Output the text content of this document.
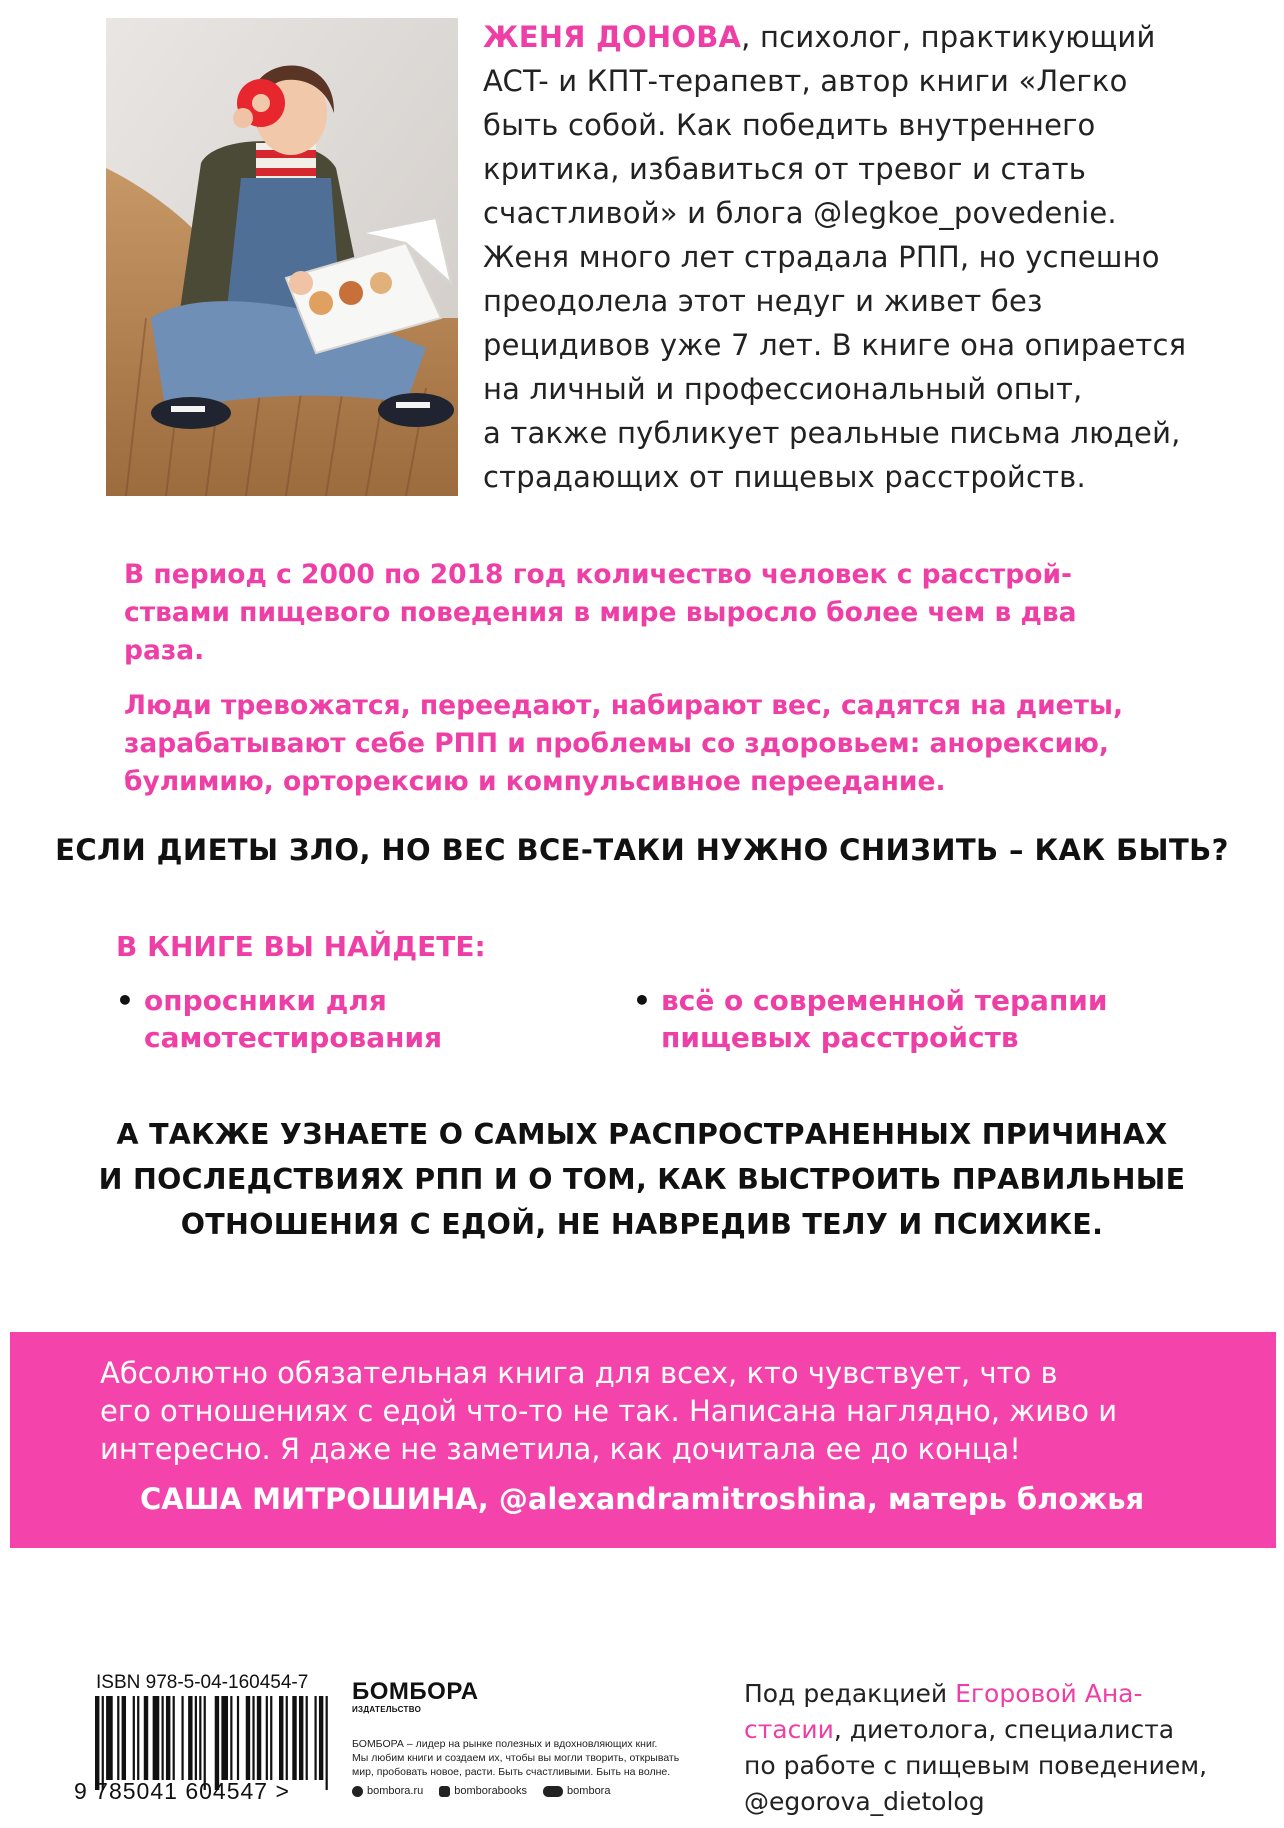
ЖЕНЯ ДОНОВА, психолог, практикующий
ACT- и КПТ-терапевт, автор книги «Легко
быть собой. Как победить внутреннего
критика, избавиться от тревог и стать
счастливой» и блога @legkoe_povedenie.
Женя много лет страдала РПП, но успешно
преодолела этот недуг и живет без
рецидивов уже 7 лет. В книге она опирается
на личный и профессиональный опыт,
а также публикует реальные письма людей,
страдающих от пищевых расстройств.
В период с 2000 по 2018 год количество человек с расстрой-
ствами пищевого поведения в мире выросло более чем в два
раза.
Люди тревожатся, переедают, набирают вес, садятся на диеты,
зарабатывают себе РПП и проблемы со здоровьем: анорексию,
булимию, орторексию и компульсивное переедание.
ЕСЛИ ДИЕТЫ ЗЛО, НО ВЕС ВСЕ-ТАКИ НУЖНО СНИЗИТЬ – КАК БЫТЬ?
В КНИГЕ ВЫ НАЙДЕТЕ:
• опросники для
самотестирования
• всё о современной терапии
пищевых расстройств
А ТАКЖЕ УЗНАЕТЕ О САМЫХ РАСПРОСТРАНЕННЫХ ПРИЧИНАХ
И ПОСЛЕДСТВИЯХ РПП И О ТОМ, КАК ВЫСТРОИТЬ ПРАВИЛЬНЫЕ
ОТНОШЕНИЯ С ЕДОЙ, НЕ НАВРЕДИВ ТЕЛУ И ПСИХИКЕ.
Абсолютно обязательная книга для всех, кто чувствует, что в
его отношениях с едой что-то не так. Написана наглядно, живо и
интересно. Я даже не заметила, как дочитала ее до конца!
САША МИТРОШИНА, @alexandramitroshina, матерь бложья
ISBN 978-5-04-160454-7
9 785041 604547 >
БОМБОРА
ИЗДАТЕЛЬСТВО
БОМБОРА – лидер на рынке полезных и вдохновляющих книг.
Мы любим книги и создаем их, чтобы вы могли творить, открывать
мир, пробовать новое, расти. Быть счастливыми. Быть на волне.
bombora.ru	bomborabooks	bombora
Под редакцией Егоровой Ана-
стасии, диетолога, специалиста
по работе с пищевым поведением,
@egorova_dietolog
